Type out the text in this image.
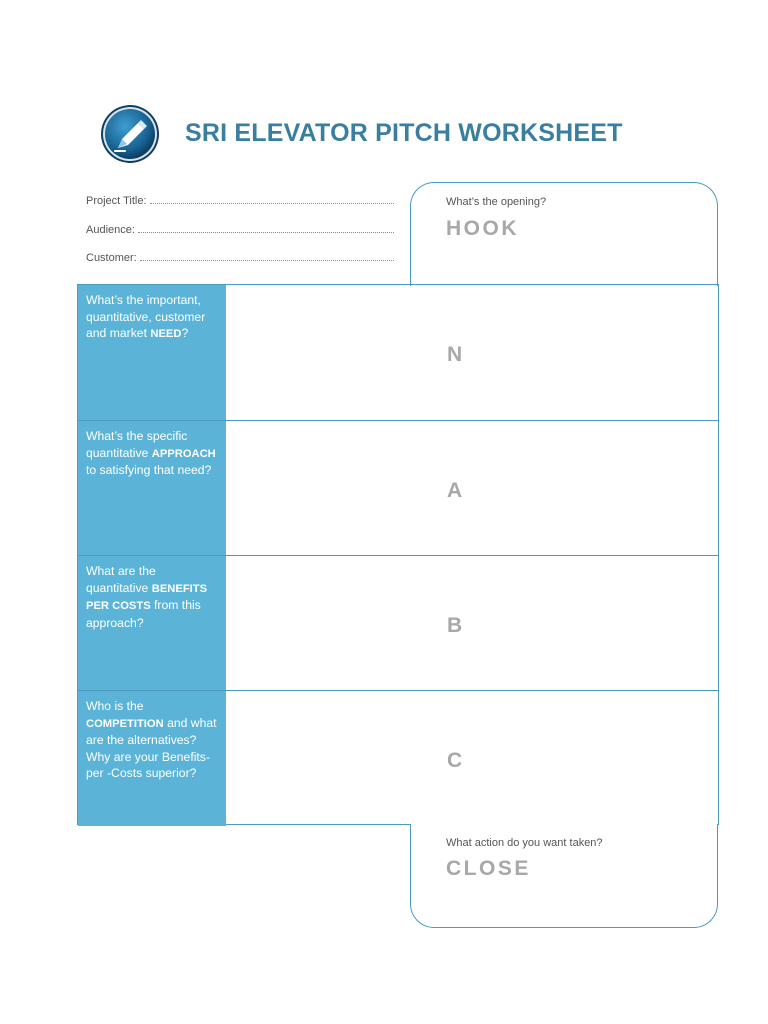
SRI ELEVATOR PITCH WORKSHEET
Project Title:
Audience:
Customer:
What’s the opening?
HOOK
What’s the important, quantitative, customer and market NEED?
N
What’s the specific quantitative APPROACH to satisfying that need?
A
What are the quantitative BENEFITS PER COSTS from this approach?	B
Who is the COMPETITION and what are the alternatives? Why are your Benefits-per -Costs superior?
C
What action do you want taken?
CLOSE
